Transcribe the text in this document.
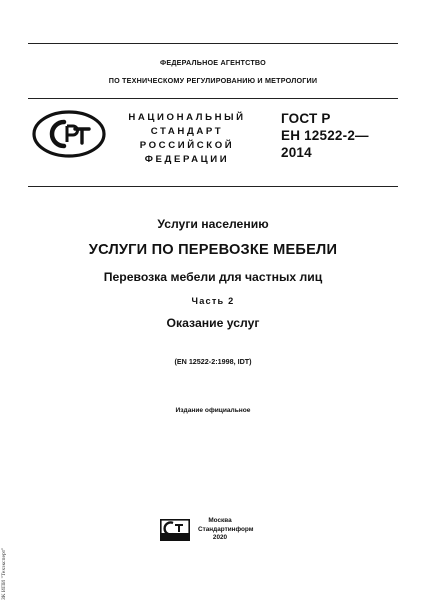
ФЕДЕРАЛЬНОЕ АГЕНТСТВО
ПО ТЕХНИЧЕСКОМУ РЕГУЛИРОВАНИЮ И МЕТРОЛОГИИ
НАЦИОНАЛЬНЫЙ
СТАНДАРТ
РОССИЙСКОЙ
ФЕДЕРАЦИИ
ГОСТ Р
ЕН 12522-2—
2014
Услуги населению
УСЛУГИ ПО ПЕРЕВОЗКЕ МЕБЕЛИ
Перевозка мебели для частных лиц
Часть 2
Оказание услуг
(EN 12522-2:1998, IDT)
Издание официальное
Москва
Стандартинформ
2020
ЗК ИПИ "Техэксперт"
